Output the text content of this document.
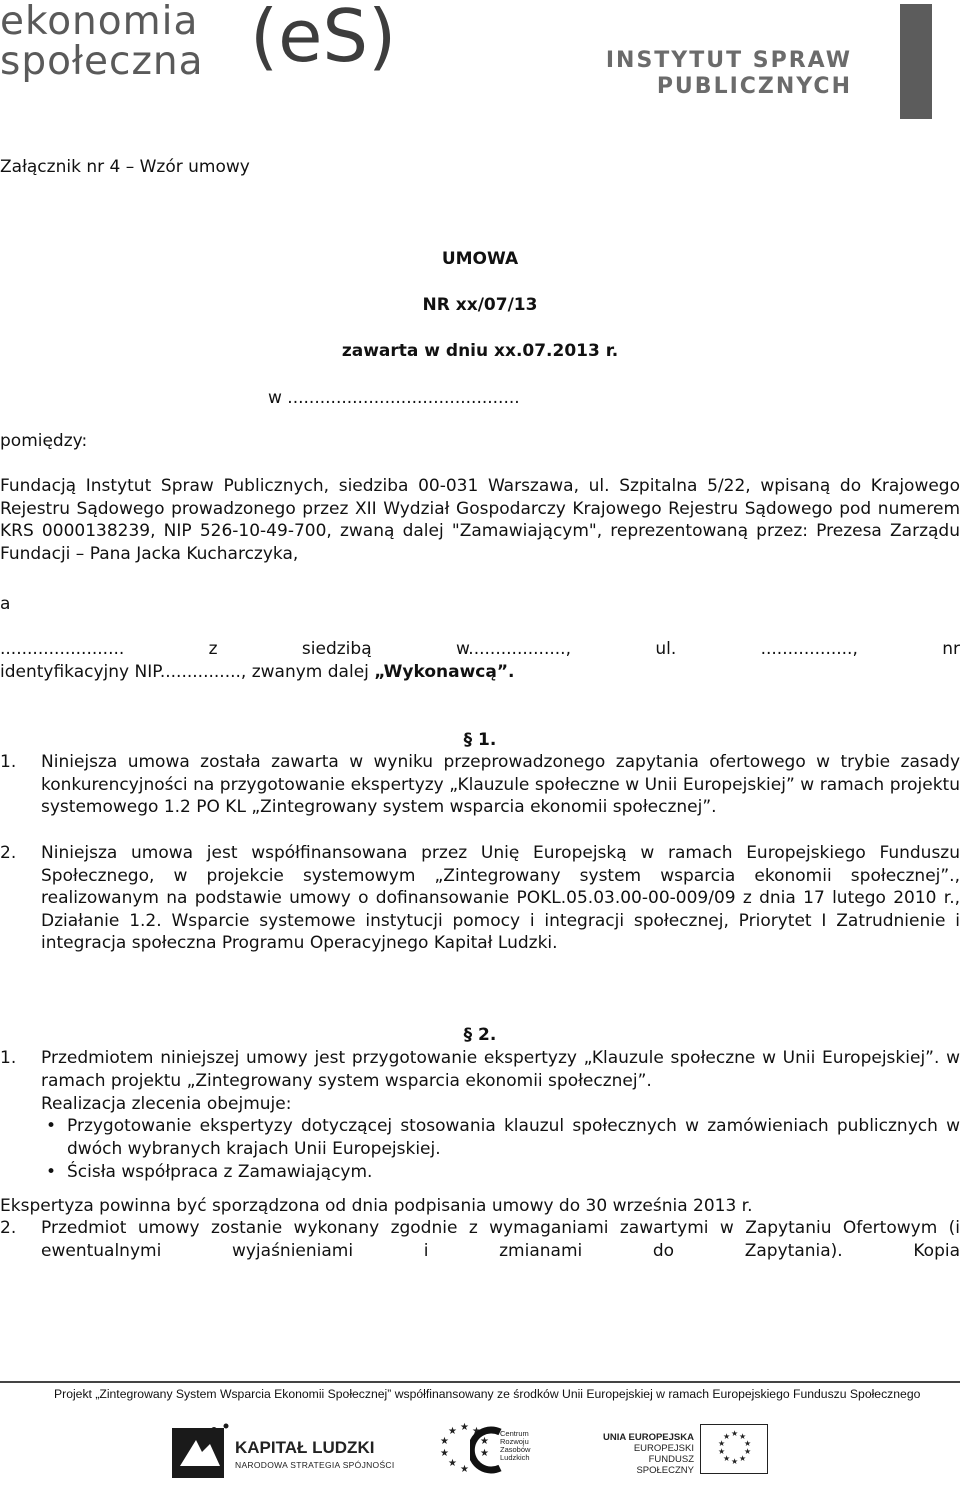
ekonomia
społeczna (eS)	INSTYTUT SPRAW
PUBLICZNYCH
Załącznik nr 4 – Wzór umowy
UMOWA
NR xx/07/13
zawarta w dniu xx.07.2013 r.
w ...........................................
pomiędzy:
Fundacją Instytut Spraw Publicznych, siedziba 00-031 Warszawa, ul. Szpitalna 5/22, wpisaną do Krajowego Rejestru Sądowego prowadzonego przez XII Wydział Gospodarczy Krajowego Rejestru Sądowego pod numerem KRS 0000138239, NIP 526-10-49-700, zwaną dalej "Zamawiającym", reprezentowaną przez: Prezesa Zarządu Fundacji – Pana Jacka Kucharczyka,
a
....................... z siedzibą w.................., ul. ................., nr
identyfikacyjny NIP..............., zwanym dalej „Wykonawcą”.
§ 1.
1. Niniejsza umowa została zawarta w wyniku przeprowadzonego zapytania ofertowego w trybie zasady konkurencyjności na przygotowanie ekspertyzy „Klauzule społeczne w Unii Europejskiej” w ramach projektu systemowego 1.2 PO KL „Zintegrowany system wsparcia ekonomii społecznej”.
2. Niniejsza umowa jest współfinansowana przez Unię Europejską w ramach Europejskiego Funduszu Społecznego, w projekcie systemowym „Zintegrowany system wsparcia ekonomii społecznej”., realizowanym na podstawie umowy o dofinansowanie POKL.05.03.00-00-009/09 z dnia 17 lutego 2010 r., Działanie 1.2. Wsparcie systemowe instytucji pomocy i integracji społecznej, Priorytet I Zatrudnienie i integracja społeczna Programu Operacyjnego Kapitał Ludzki.
§ 2.
1. Przedmiotem niniejszej umowy jest przygotowanie ekspertyzy „Klauzule społeczne w Unii Europejskiej”. w ramach projektu „Zintegrowany system wsparcia ekonomii społecznej”.
Realizacja zlecenia obejmuje:
• Przygotowanie ekspertyzy dotyczącej stosowania klauzul społecznych w zamówieniach publicznych w dwóch wybranych krajach Unii Europejskiej.
• Ścisła współpraca z Zamawiającym.
Ekspertyza powinna być sporządzona od dnia podpisania umowy do 30 września 2013 r.
2. Przedmiot umowy zostanie wykonany zgodnie z wymaganiami zawartymi w Zapytaniu Ofertowym (i ewentualnymi wyjaśnieniami i zmianami do Zapytania). Kopia
Projekt „Zintegrowany System Wsparcia Ekonomii Społecznej” współfinansowany ze środków Unii Europejskiej w ramach Europejskiego Funduszu Społecznego
KAPITAŁ LUDZKI
NARODOWA STRATEGIA SPÓJNOŚCI
★ ★
★
★
★
★
★
★
★
★	Centrum Rozwoju Zasobów Ludzkich
UNIA EUROPEJSKA
EUROPEJSKI
FUNDUSZ SPOŁECZNY
★ ★
★
★
★
★
★
★
★
★
